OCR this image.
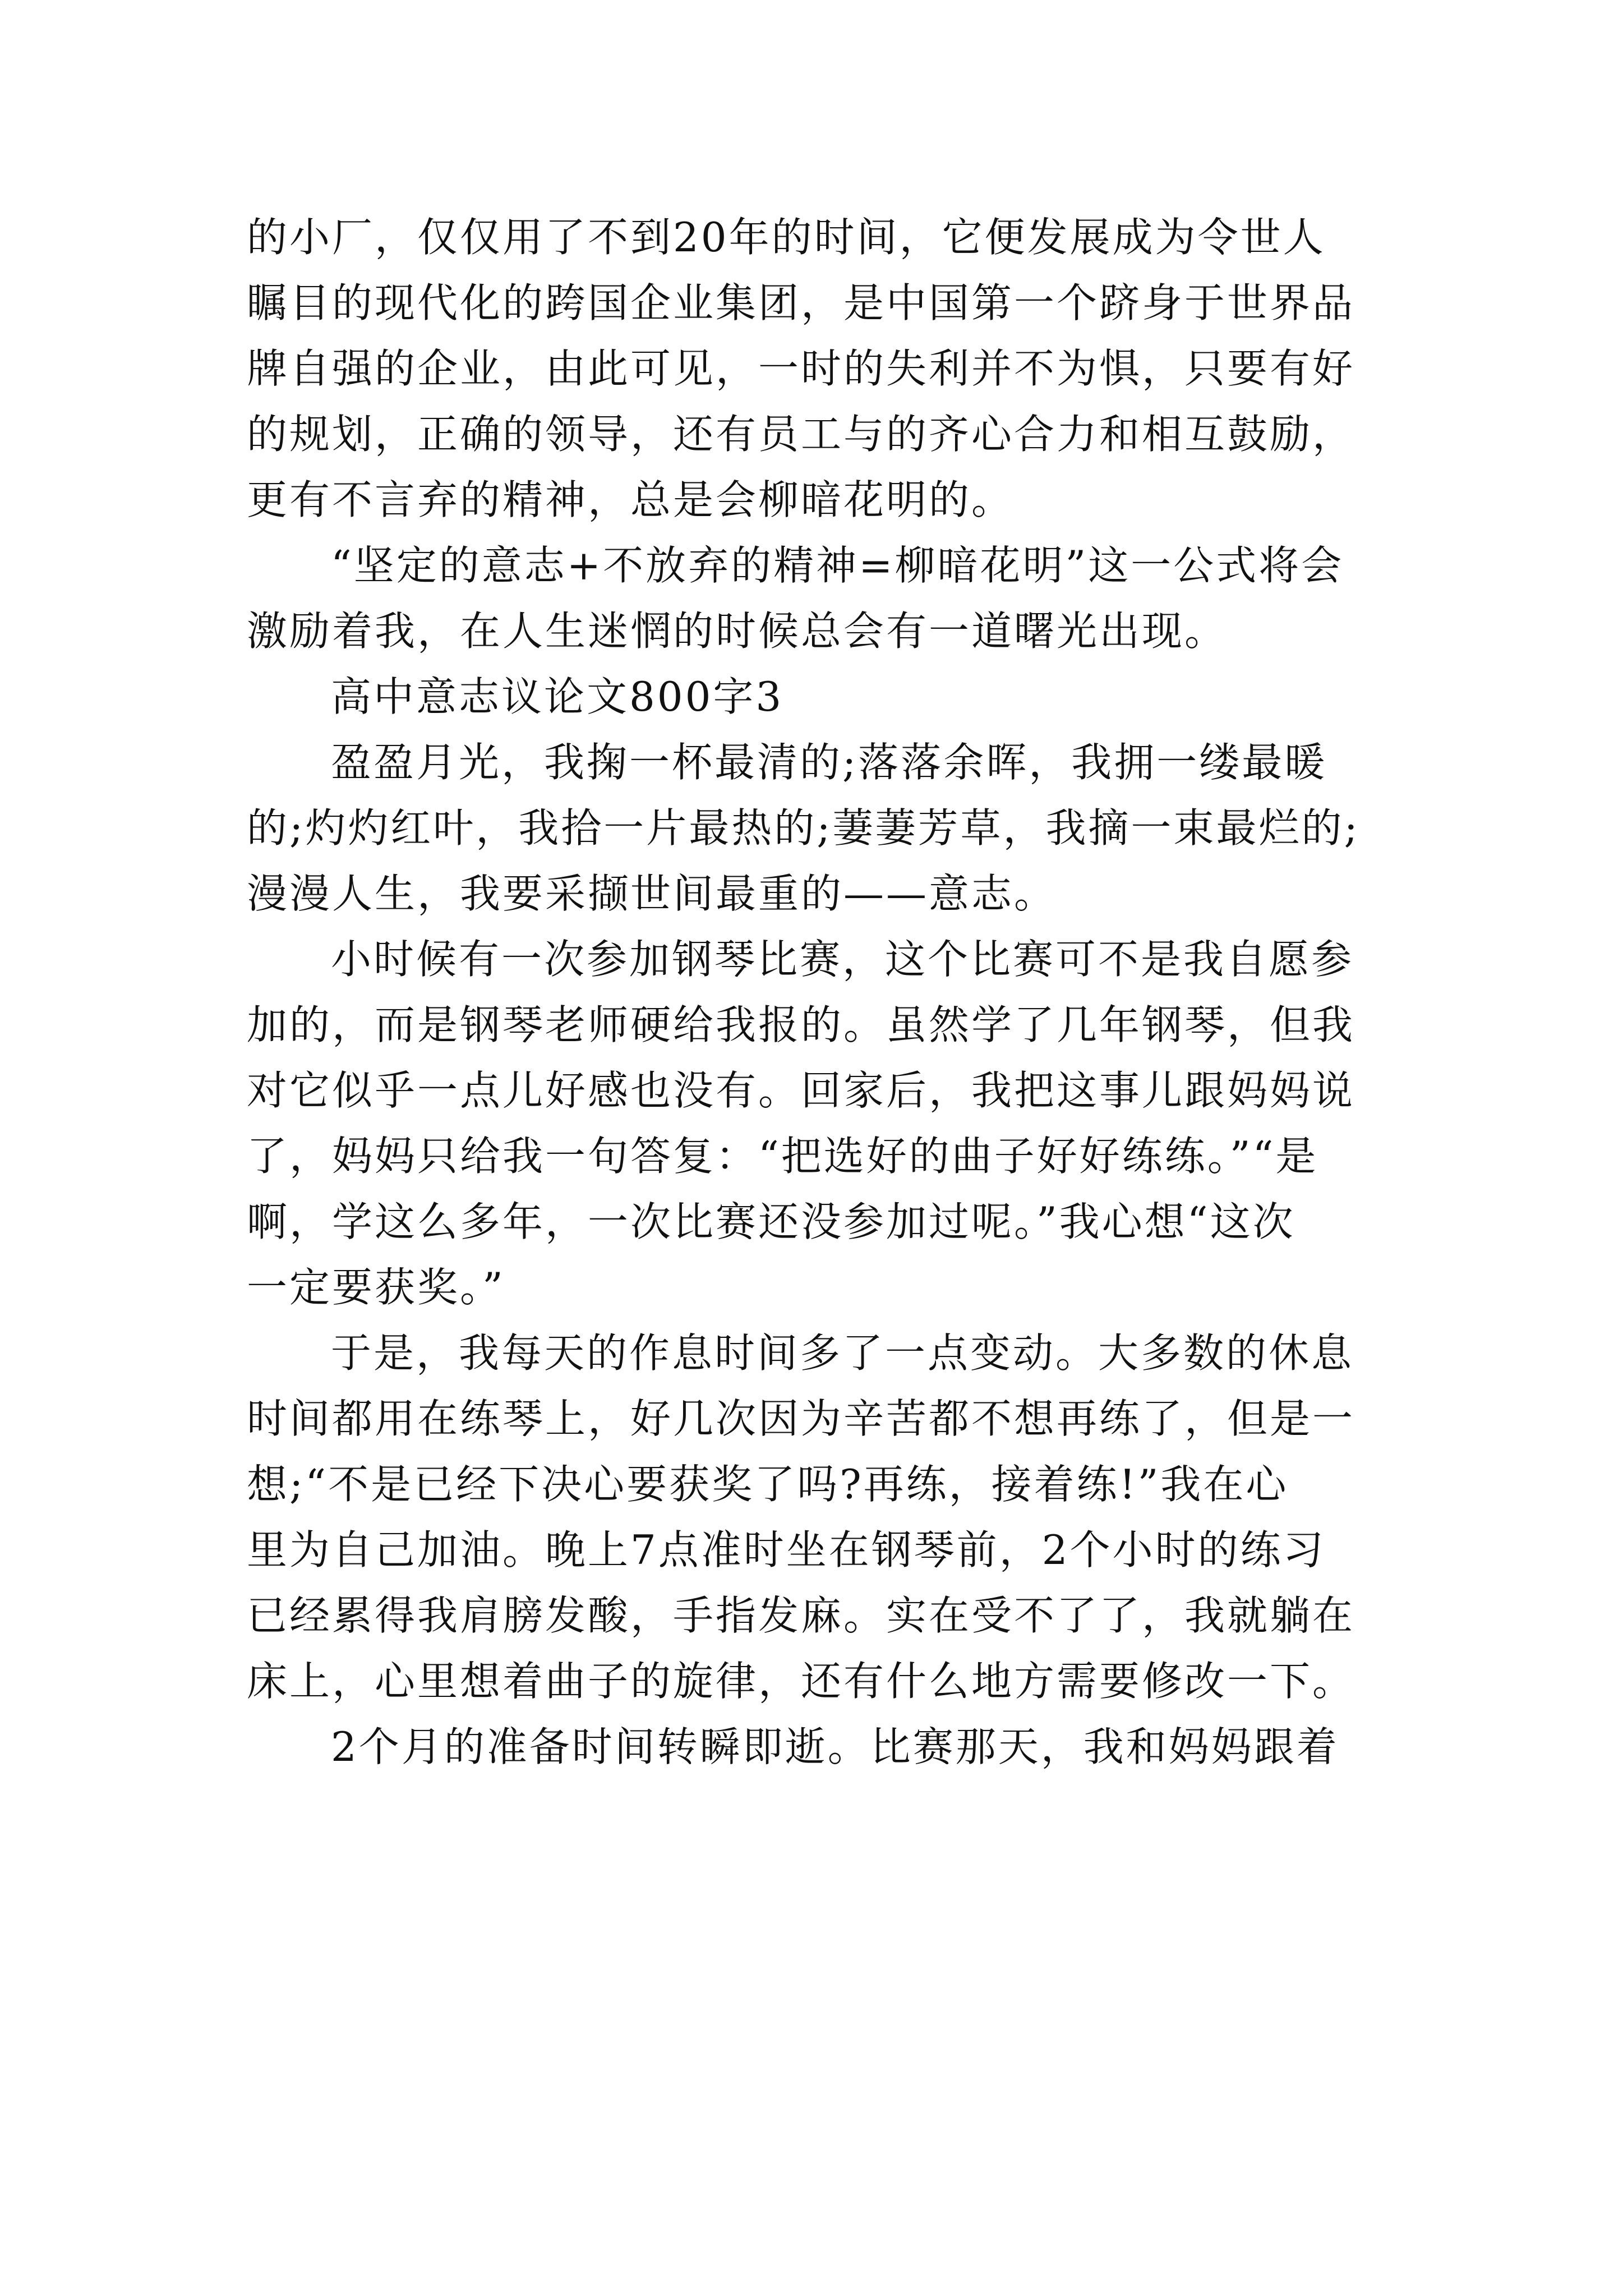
的小厂，仅仅用了不到20年的时间，它便发展成为令世人
瞩目的现代化的跨国企业集团，是中国第一个跻身于世界品
牌自强的企业，由此可见，一时的失利并不为惧，只要有好
的规划，正确的领导，还有员工与的齐心合力和相互鼓励，
更有不言弃的精神，总是会柳暗花明的。
“坚定的意志+不放弃的精神=柳暗花明”这一公式将会
激励着我，在人生迷惘的时候总会有一道曙光出现。
高中意志议论文800字3
盈盈月光，我掬一杯最清的;落落余晖，我拥一缕最暖
的;灼灼红叶，我拾一片最热的;萋萋芳草，我摘一束最烂的;
漫漫人生，我要采撷世间最重的——意志。
小时候有一次参加钢琴比赛，这个比赛可不是我自愿参
加的，而是钢琴老师硬给我报的。虽然学了几年钢琴，但我
对它似乎一点儿好感也没有。回家后，我把这事儿跟妈妈说
了，妈妈只给我一句答复：“把选好的曲子好好练练。”“是
啊，学这么多年，一次比赛还没参加过呢。”我心想“这次
一定要获奖。”
于是，我每天的作息时间多了一点变动。大多数的休息
时间都用在练琴上，好几次因为辛苦都不想再练了，但是一
想;“不是已经下决心要获奖了吗?再练，接着练!”我在心
里为自己加油。晚上7点准时坐在钢琴前，2个小时的练习
已经累得我肩膀发酸，手指发麻。实在受不了了，我就躺在
床上，心里想着曲子的旋律，还有什么地方需要修改一下。
2个月的准备时间转瞬即逝。比赛那天，我和妈妈跟着
